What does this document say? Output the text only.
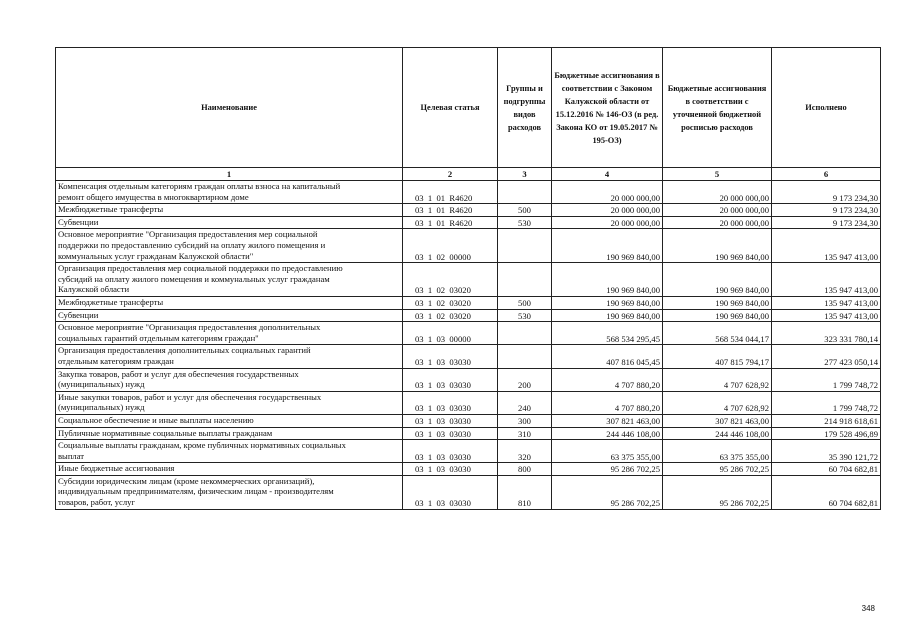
Наименование	Целевая статья	Группы и подгруппы видов расходов	Бюджетные ассигнования в соответствии с Законом Калужской области от 15.12.2016 № 146-ОЗ (в ред. Закона КО от 19.05.2017 № 195-ОЗ)	Бюджетные ассигнования в соответствии с уточненной бюджетной росписью расходов	Исполнено
1	2	3	4	5	6
Компенсация отдельным категориям граждан оплаты взноса на капитальный
ремонт общего имущества в многоквартирном доме	03  1  01  R4620		20 000 000,00	20 000 000,00	9 173 234,30
Межбюджетные трансферты	03  1  01  R4620	500	20 000 000,00	20 000 000,00	9 173 234,30
Субвенции	03  1  01  R4620	530	20 000 000,00	20 000 000,00	9 173 234,30
Основное мероприятие "Организация предоставления мер социальной
поддержки по предоставлению субсидий на оплату жилого помещения и
коммунальных услуг гражданам Калужской области"	03  1  02  00000		190 969 840,00	190 969 840,00	135 947 413,00
Организация предоставления мер социальной поддержки по предоставлению
субсидий на оплату жилого помещения и коммунальных услуг гражданам
Калужской области	03  1  02  03020		190 969 840,00	190 969 840,00	135 947 413,00
Межбюджетные трансферты	03  1  02  03020	500	190 969 840,00	190 969 840,00	135 947 413,00
Субвенции	03  1  02  03020	530	190 969 840,00	190 969 840,00	135 947 413,00
Основное мероприятие "Организация предоставления дополнительных
социальных гарантий отдельным категориям граждан"	03  1  03  00000		568 534 295,45	568 534 044,17	323 331 780,14
Организация предоставления дополнительных социальных гарантий
отдельным категориям граждан	03  1  03  03030		407 816 045,45	407 815 794,17	277 423 050,14
Закупка товаров, работ и услуг для обеспечения государственных
(муниципальных) нужд	03  1  03  03030	200	4 707 880,20	4 707 628,92	1 799 748,72
Иные закупки товаров, работ и услуг для обеспечения государственных
(муниципальных) нужд	03  1  03  03030	240	4 707 880,20	4 707 628,92	1 799 748,72
Социальное обеспечение и иные выплаты населению	03  1  03  03030	300	307 821 463,00	307 821 463,00	214 918 618,61
Публичные нормативные социальные выплаты гражданам	03  1  03  03030	310	244 446 108,00	244 446 108,00	179 528 496,89
Социальные выплаты гражданам, кроме публичных нормативных социальных
выплат	03  1  03  03030	320	63 375 355,00	63 375 355,00	35 390 121,72
Иные бюджетные ассигнования	03  1  03  03030	800	95 286 702,25	95 286 702,25	60 704 682,81
Субсидии юридическим лицам (кроме некоммерческих организаций),
индивидуальным предпринимателям, физическим лицам - производителям
товаров, работ, услуг	03  1  03  03030	810	95 286 702,25	95 286 702,25	60 704 682,81
348
